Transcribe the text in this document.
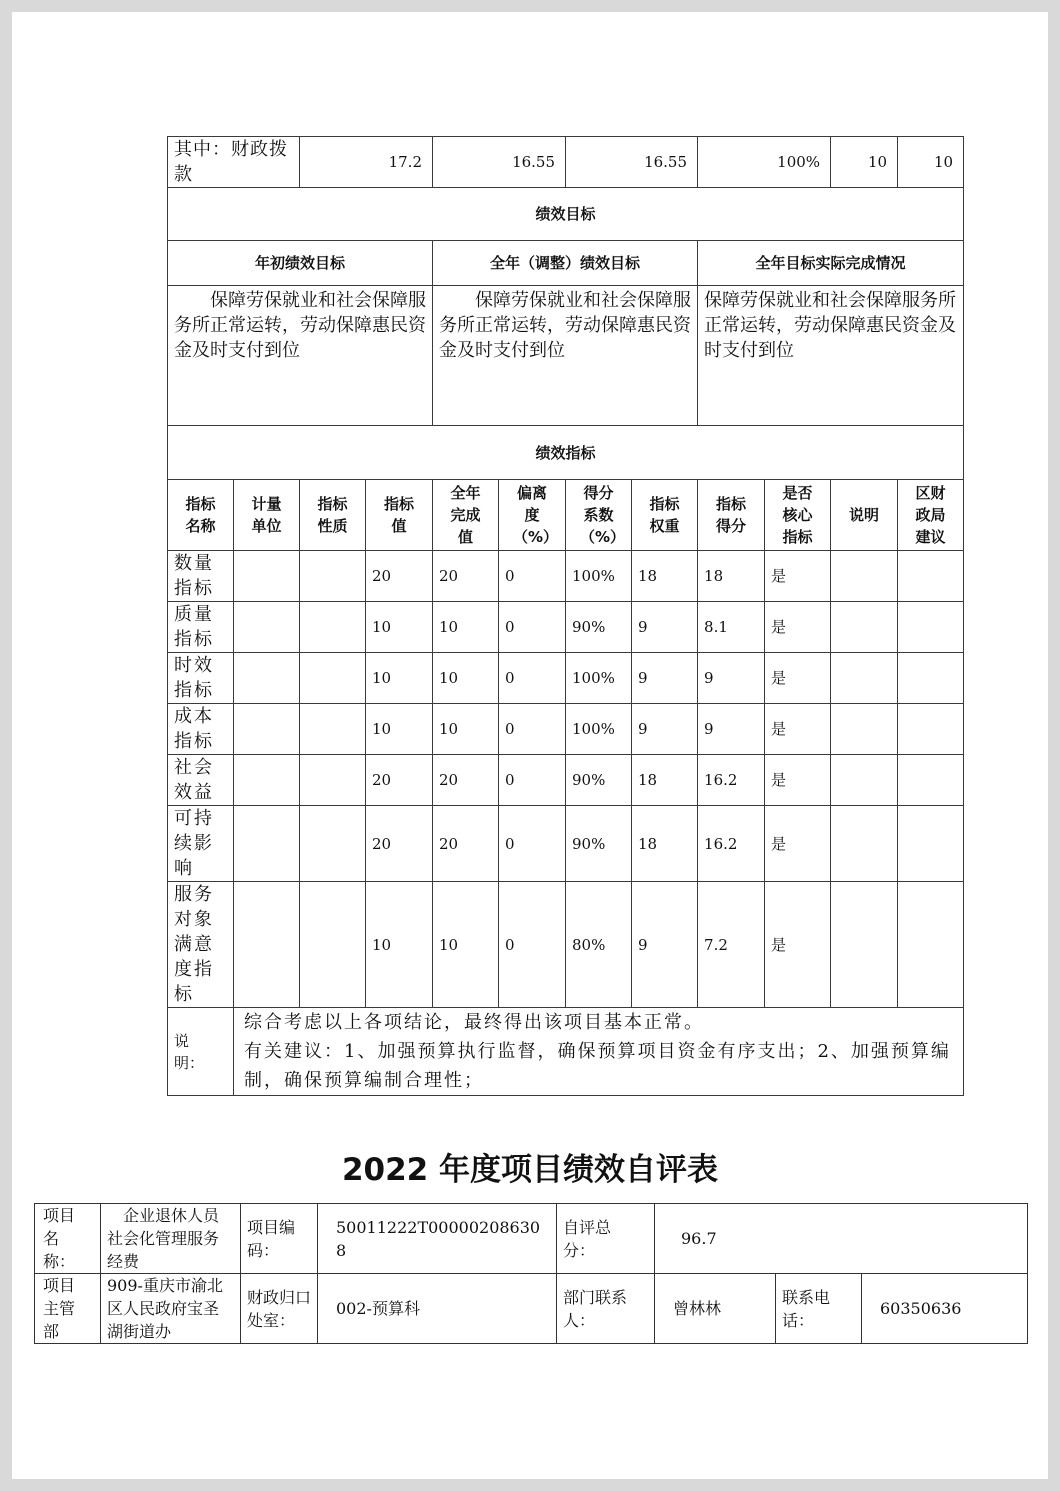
其中：财政拨款		17.2		16.55		16.55		100%		10	10
绩效目标											
年初绩效目标				全年（调整）绩效目标				全年目标实际完成情况			
保障劳保就业和社会保障服务所正常运转，劳动保障惠民资金及时支付到位				保障劳保就业和社会保障服务所正常运转，劳动保障惠民资金及时支付到位				保障劳保就业和社会保障服务所正常运转，劳动保障惠民资金及时支付到位			
绩效指标											
指标名称	计量单位	指标性质	指标值	全年完成值	偏离度（%）	得分系数（%）	指标权重	指标得分	是否核心指标	说明	区财政局建议
数量指标			20	20	0	100%	18	18	是		
质量指标			10	10	0	90%	9	8.1	是		
时效指标			10	10	0	100%	9	9	是		
成本指标			10	10	0	100%	9	9	是		
社会效益			20	20	0	90%	18	16.2	是		
可持续影响			20	20	0	90%	18	16.2	是		
服务对象满意度指标			10	10	0	80%	9	7.2	是		
说明：	综合考虑以上各项结论，最终得出该项目基本正常。
有关建议：1、加强预算执行监督，确保预算项目资金有序支出；2、加强预算编制，确保预算编制合理性；										
2022 年度项目绩效自评表
项目名称：	企业退休人员社会化管理服务经费	项目编码：	50011222T000002086308	自评总分：	96.7		
项目主管部	909-重庆市渝北区人民政府宝圣湖街道办	财政归口处室：	002-预算科	部门联系人：	曾林林	联系电话：	60350636
